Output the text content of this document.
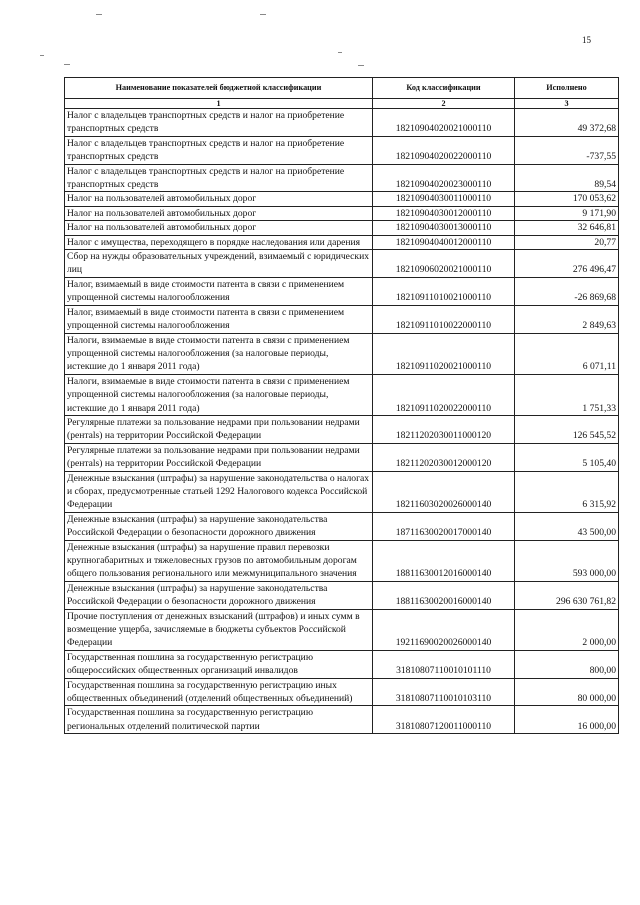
15
Наименование показателей бюджетной классификации	Код классификации	Исполнено
1	2	3
Налог с владельцев транспортных средств и налог на приобретение транспортных средств	18210904020021000110	49 372,68
Налог с владельцев транспортных средств и налог на приобретение транспортных средств	18210904020022000110	-737,55
Налог с владельцев транспортных средств и налог на приобретение транспортных средств	18210904020023000110	89,54
Налог на пользователей автомобильных дорог	18210904030011000110	170 053,62
Налог на пользователей автомобильных дорог	18210904030012000110	9 171,90
Налог на пользователей автомобильных дорог	18210904030013000110	32 646,81
Налог с имущества, переходящего в порядке наследования или дарения	18210904040012000110	20,77
Сбор на нужды образовательных учреждений, взимаемый с юридических лиц	18210906020021000110	276 496,47
Налог, взимаемый в виде стоимости патента в связи с применением упрощенной системы налогообложения	18210911010021000110	-26 869,68
Налог, взимаемый в виде стоимости патента в связи с применением упрощенной системы налогообложения	18210911010022000110	2 849,63
Налоги, взимаемые в виде стоимости патента в связи с применением упрощенной системы налогообложения (за налоговые периоды, истекшие до 1 января 2011 года)	18210911020021000110	6 071,11
Налоги, взимаемые в виде стоимости патента в связи с применением упрощенной системы налогообложения (за налоговые периоды, истекшие до 1 января 2011 года)	18210911020022000110	1 751,33
Регулярные платежи за пользование недрами при пользовании недрами (рентals) на территории Российской Федерации	18211202030011000120	126 545,52
Регулярные платежи за пользование недрами при пользовании недрами (рентals) на территории Российской Федерации	18211202030012000120	5 105,40
Денежные взыскания (штрафы) за нарушение законодательства о налогах и сборах, предусмотренные статьей 1292 Налогового кодекса Российской Федерации	18211603020026000140	6 315,92
Денежные взыскания (штрафы) за нарушение законодательства Российской Федерации о безопасности дорожного движения	18711630020017000140	43 500,00
Денежные взыскания (штрафы) за нарушение правил перевозки крупногабаритных и тяжеловесных грузов по автомобильным дорогам общего пользования регионального или межмуниципального значения	18811630012016000140	593 000,00
Денежные взыскания (штрафы) за нарушение законодательства Российской Федерации о безопасности дорожного движения	18811630020016000140	296 630 761,82
Прочие поступления от денежных взысканий (штрафов) и иных сумм в возмещение ущерба, зачисляемые в бюджеты субъектов Российской Федерации	19211690020026000140	2 000,00
Государственная пошлина за государственную регистрацию общероссийских общественных организаций инвалидов	31810807110010101110	800,00
Государственная пошлина за государственную регистрацию иных общественных объединений (отделений общественных объединений)	31810807110010103110	80 000,00
Государственная пошлина за государственную регистрацию региональных отделений политической партии	31810807120011000110	16 000,00
